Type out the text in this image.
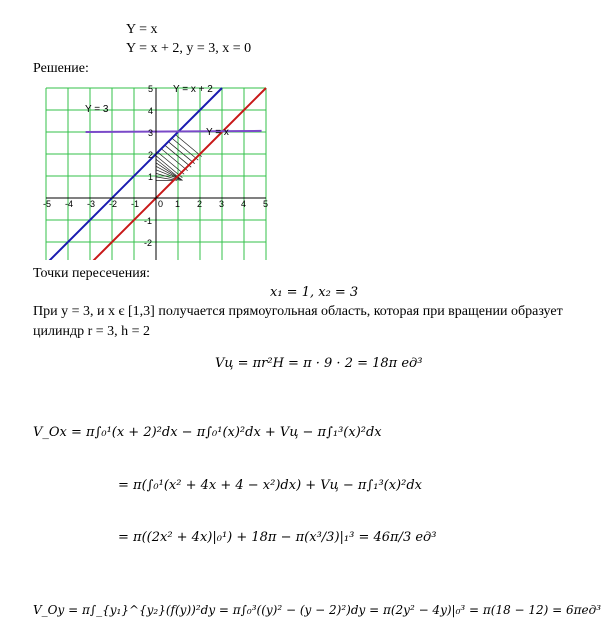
Y = x
Y = x + 2, y = 3, x = 0
Решение:
-5 -4 -3 -2 -1 0 1 2 3 4 5
5
4
3
2
1
-1
-2
Y = 3
Y = x + 2
Y = x
Точки пересечения:
x₁ = 1, x₂ = 3
При y = 3, и x є [1,3] получается прямоугольная область, которая при вращении образует
цилиндр r = 3, h = 2
Vц = πr²H = π · 9 · 2 = 18π ед³
V_Ox = π∫₀¹(x + 2)²dx − π∫₀¹(x)²dx + Vц − π∫₁³(x)²dx
= π(∫₀¹(x² + 4x + 4 − x²)dx) + Vц − π∫₁³(x)²dx
= π((2x² + 4x)|₀¹) + 18π − π(x³/3)|₁³ = 46π/3 ед³
V_Oy = π∫_{y₁}^{y₂}(f(y))²dy = π∫₀³((y)² − (y − 2)²)dy = π(2y² − 4y)|₀³ = π(18 − 12) = 6πед³
